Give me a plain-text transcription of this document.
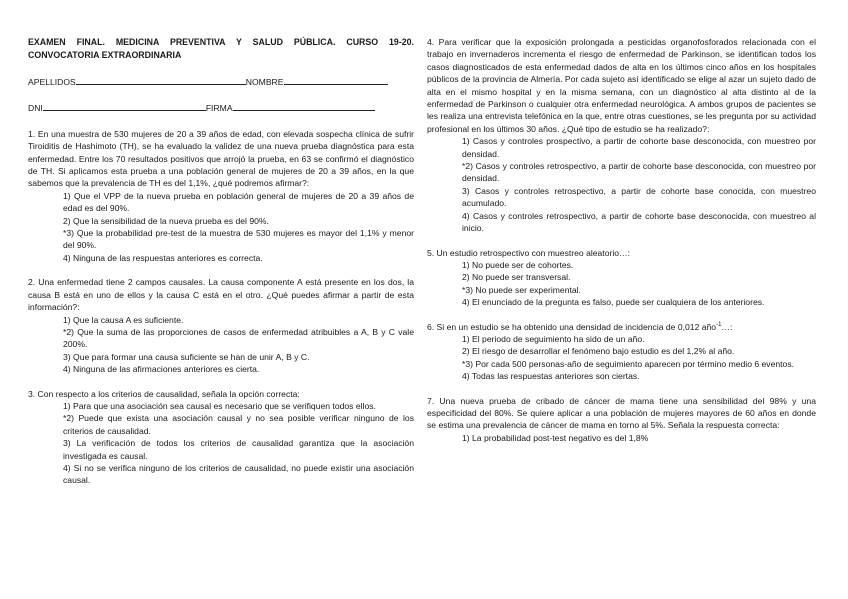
EXAMEN FINAL. MEDICINA PREVENTIVA Y SALUD PÚBLICA. CURSO 19-20.
CONVOCATORIA EXTRAORDINARIA
APELLIDOS	NOMBRE
DNI	FIRMA
1. En una muestra de 530 mujeres de 20 a 39 años de edad, con elevada sospecha clínica de sufrir Tiroiditis de Hashimoto (TH), se ha evaluado la validez de una nueva prueba diagnóstica para esta enfermedad. Entre los 70 resultados positivos que arrojó la prueba, en 63 se confirmó el diagnóstico de TH. Si aplicamos esta prueba a una población general de mujeres de 20 a 39 años, en la que sabemos que la prevalencia de TH es del 1,1%, ¿qué podremos afirmar?:
1) Que el VPP de la nueva prueba en población general de mujeres de 20 a 39 años de edad es del 90%.
2) Que la sensibilidad de la nueva prueba es del 90%.
*3) Que la probabilidad pre-test de la muestra de 530 mujeres es mayor del 1,1% y menor del 90%.
4) Ninguna de las respuestas anteriores es correcta.
2. Una enfermedad tiene 2 campos causales. La causa componente A está presente en los dos, la causa B está en uno de ellos y la causa C está en el otro. ¿Qué puedes afirmar a partir de esta información?:
1) Que la causa A es suficiente.
*2) Que la suma de las proporciones de casos de enfermedad atribuibles a A, B y C vale 200%.
3) Que para formar una causa suficiente se han de unir A, B y C.
4) Ninguna de las afirmaciones anteriores es cierta.
3. Con respecto a los criterios de causalidad, señala la opción correcta:
1) Para que una asociación sea causal es necesario que se verifiquen todos ellos.
*2) Puede que exista una asociación causal y no sea posible verificar ninguno de los criterios de causalidad.
3) La verificación de todos los criterios de causalidad garantiza que la asociación investigada es causal.
4) Si no se verifica ninguno de los criterios de causalidad, no puede existir una asociación causal.
4. Para verificar que la exposición prolongada a pesticidas organofosforados relacionada con el trabajo en invernaderos incrementa el riesgo de enfermedad de Parkinson, se identifican todos los casos diagnosticados de esta enfermedad dados de alta en los últimos cinco años en los hospitales públicos de la provincia de Almería. Por cada sujeto así identificado se elige al azar un sujeto dado de alta en el mismo hospital y en la misma semana, con un diagnóstico al alta distinto al de la enfermedad de Parkinson o cualquier otra enfermedad neurológica. A ambos grupos de pacientes se les realiza una entrevista telefónica en la que, entre otras cuestiones, se les pregunta por su actividad profesional en los últimos 30 años. ¿Qué tipo de estudio se ha realizado?:
1) Casos y controles prospectivo, a partir de cohorte base desconocida, con muestreo por densidad.
*2) Casos y controles retrospectivo, a partir de cohorte base desconocida, con muestreo por densidad.
3) Casos y controles retrospectivo, a partir de cohorte base conocida, con muestreo acumulado.
4) Casos y controles retrospectivo, a partir de cohorte base desconocida, con muestreo al inicio.
5. Un estudio retrospectivo con muestreo aleatorio…:
1) No puede ser de cohortes.
2) No puede ser transversal.
*3) No puede ser experimental.
4) El enunciado de la pregunta es falso, puede ser cualquiera de los anteriores.
6. Si en un estudio se ha obtenido una densidad de incidencia de 0,012 año$^{-1}$…:
1) El periodo de seguimiento ha sido de un año.
2) El riesgo de desarrollar el fenómeno bajo estudio es del 1,2% al año.
*3) Por cada 500 personas-año de seguimiento aparecen por término medio 6 eventos.
4) Todas las respuestas anteriores son ciertas.
7. Una nueva prueba de cribado de cáncer de mama tiene una sensibilidad del 98% y una especificidad del 80%. Se quiere aplicar a una población de mujeres mayores de 60 años en donde se estima una prevalencia de cáncer de mama en torno al 5%. Señala la respuesta correcta:
1) La probabilidad post-test negativo es del 1,8%
